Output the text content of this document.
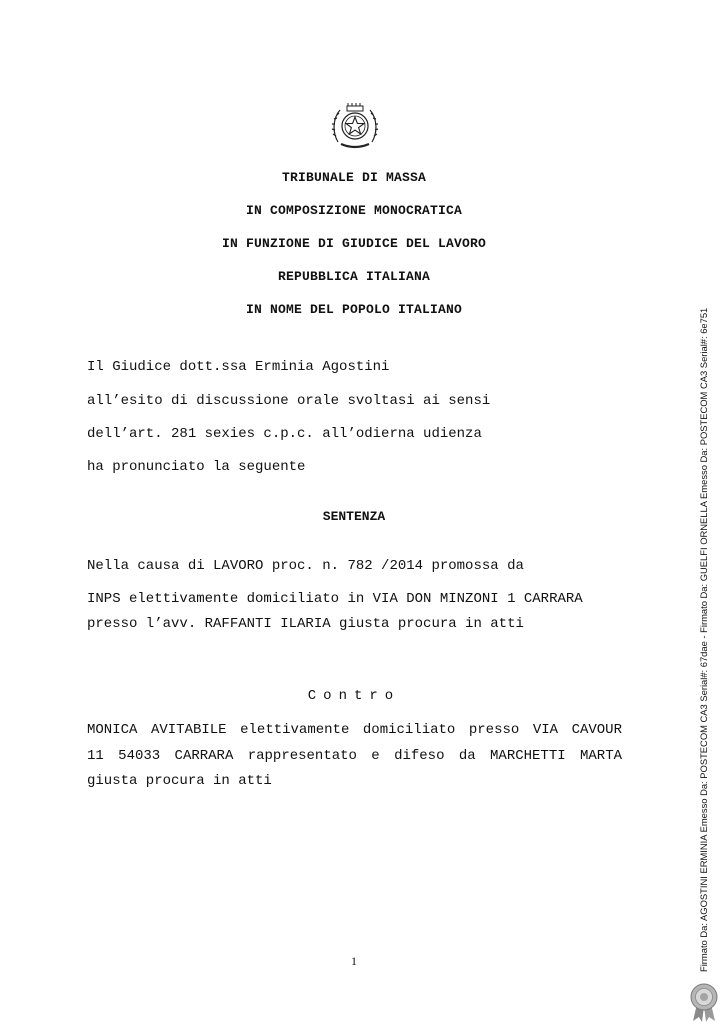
TRIBUNALE DI MASSA
IN COMPOSIZIONE MONOCRATICA
IN FUNZIONE DI GIUDICE DEL LAVORO
REPUBBLICA ITALIANA
IN NOME DEL POPOLO ITALIANO
Il Giudice dott.ssa Erminia Agostini
all’esito di discussione orale svoltasi ai sensi
dell’art. 281 sexies c.p.c. all’odierna udienza
ha pronunciato la seguente
SENTENZA
Nella causa di LAVORO proc. n. 782 /2014 promossa da
INPS elettivamente domiciliato in VIA DON MINZONI 1 CARRARA
presso l’avv. RAFFANTI ILARIA giusta procura in atti
Contro
MONICA AVITABILE elettivamente domiciliato presso VIA CAVOUR
11 54033 CARRARA rappresentato e difeso da MARCHETTI MARTA
giusta procura in atti
1	Firmato Da: AGOSTINI ERMINIA Emesso Da: POSTECOM CA3 Serial#: 67dae - Firmato Da: GUELFI ORNELLA Emesso Da: POSTECOM CA3 Serial#: 6e751
